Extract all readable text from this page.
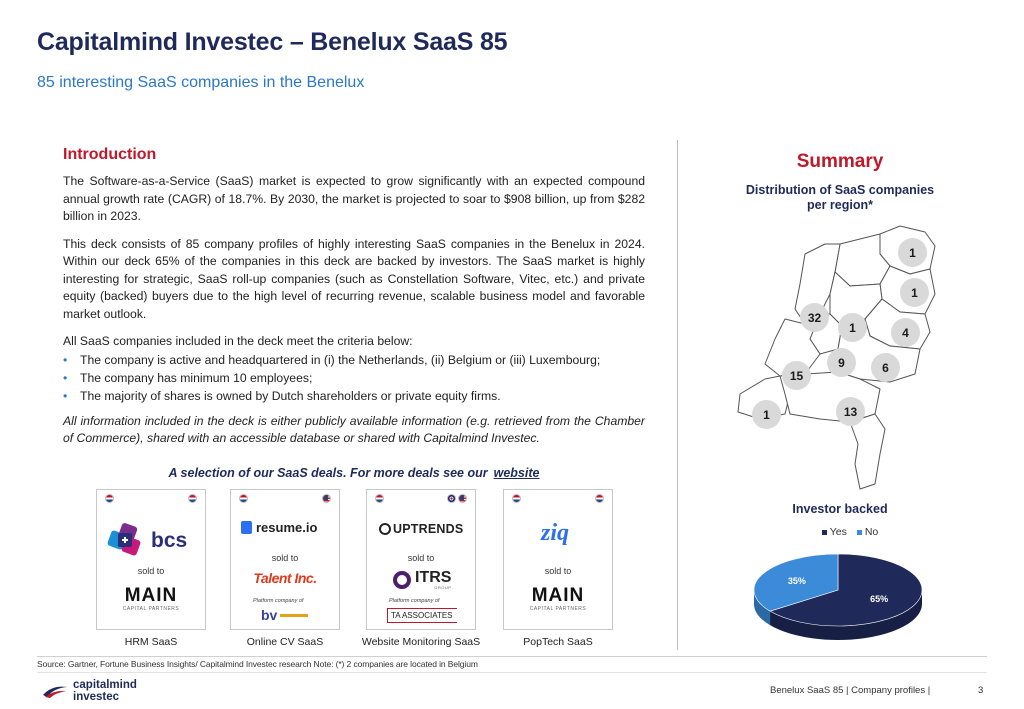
Capitalmind Investec – Benelux SaaS 85
85 interesting SaaS companies in the Benelux
Introduction

The Software-as-a-Service (SaaS) market is expected to grow significantly with an expected compound annual growth rate (CAGR) of 18.7%. By 2030, the market is projected to soar to $908 billion, up from $282 billion in 2023.

This deck consists of 85 company profiles of highly interesting SaaS companies in the Benelux in 2024. Within our deck 65% of the companies in this deck are backed by investors. The SaaS market is highly interesting for strategic, SaaS roll-up companies (such as Constellation Software, Vitec, etc.) and private equity (backed) buyers due to the high level of recurring revenue, scalable business model and favorable market outlook.

All SaaS companies included in the deck meet the criteria below:

• The company is active and headquartered in (i) the Netherlands, (ii) Belgium or (iii) Luxembourg;
• The company has minimum 10 employees;
• The majority of shares is owned by Dutch shareholders or private equity firms.

All information included in the deck is either publicly available information (e.g. retrieved from the Chamber of Commerce), shared with an accessible database or shared with Capitalmind Investec.

A selection of our SaaS deals. For more deals see our website
bcs
sold to
MAIN
CAPITAL PARTNERS
HRM SaaS
resume.io
sold to
Talent Inc.
Platform company of
bv
Online CV SaaS
UPTRENDS
sold to
ITRS
GROUP
Platform company of
TA ASSOCIATES
Website Monitoring SaaS
ziq
sold to
MAIN
CAPITAL PARTNERS
PopTech SaaS
Summary
Distribution of SaaS companies per region*
1
1
32
1	4
9	6
15
1	13
Investor backed
Yes No
65%
35%
Source: Gartner, Fortune Business Insights/ Capitalmind Investec research Note: (*) 2 companies are located in Belgium
capitalmind
investec
Benelux SaaS 85 | Company profiles |	3
